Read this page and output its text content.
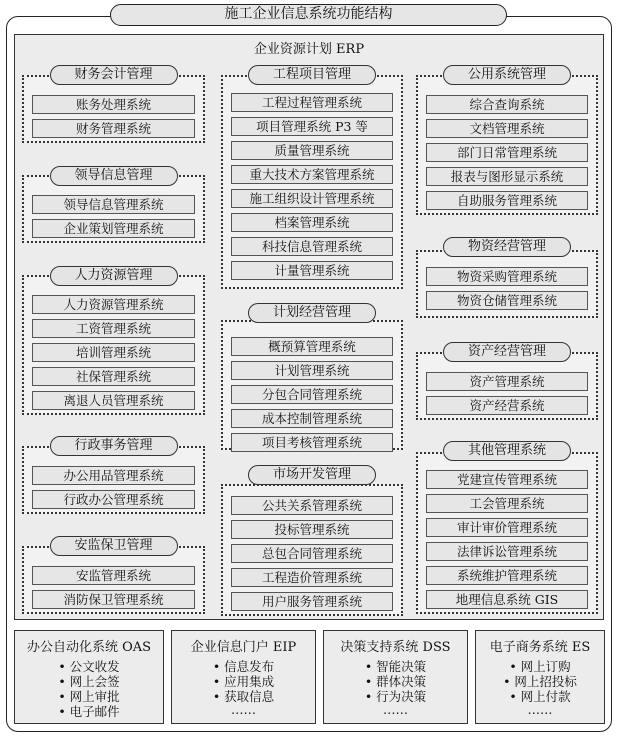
施工企业信息系统功能结构
企业资源计划 ERP
财务会计管理
账务处理系统
财务管理系统
领导信息管理
领导信息管理系统
企业策划管理系统
人力资源管理
人力资源管理系统
工资管理系统
培训管理系统
社保管理系统
离退人员管理系统
行政事务管理
办公用品管理系统
行政办公管理系统
安监保卫管理
安监管理系统
消防保卫管理系统
工程项目管理
工程过程管理系统
项目管理系统 P3 等
质量管理系统
重大技术方案管理系统
施工组织设计管理系统
档案管理系统
科技信息管理系统
计量管理系统
计划经营管理
概预算管理系统
计划管理系统
分包合同管理系统
成本控制管理系统
项目考核管理系统
市场开发管理
公共关系管理系统
投标管理系统
总包合同管理系统
工程造价管理系统
用户服务管理系统
公用系统管理
综合查询系统
文档管理系统
部门日常管理系统
报表与图形显示系统
自助服务管理系统
物资经营管理
物资采购管理系统
物资仓储管理系统
资产经营管理
资产管理系统
资产经营系统
其他管理系统
党建宣传管理系统
工会管理系统
审计审价管理系统
法律诉讼管理系统
系统维护管理系统
地理信息系统 GIS
办公自动化系统 OAS
• 公文收发
• 网上会签
• 网上审批
• 电子邮件
企业信息门户 EIP
• 信息发布
• 应用集成
• 获取信息
……
决策支持系统 DSS
• 智能决策
• 群体决策
• 行为决策
……
电子商务系统 ES
• 网上订购
• 网上招投标
• 网上付款
……
